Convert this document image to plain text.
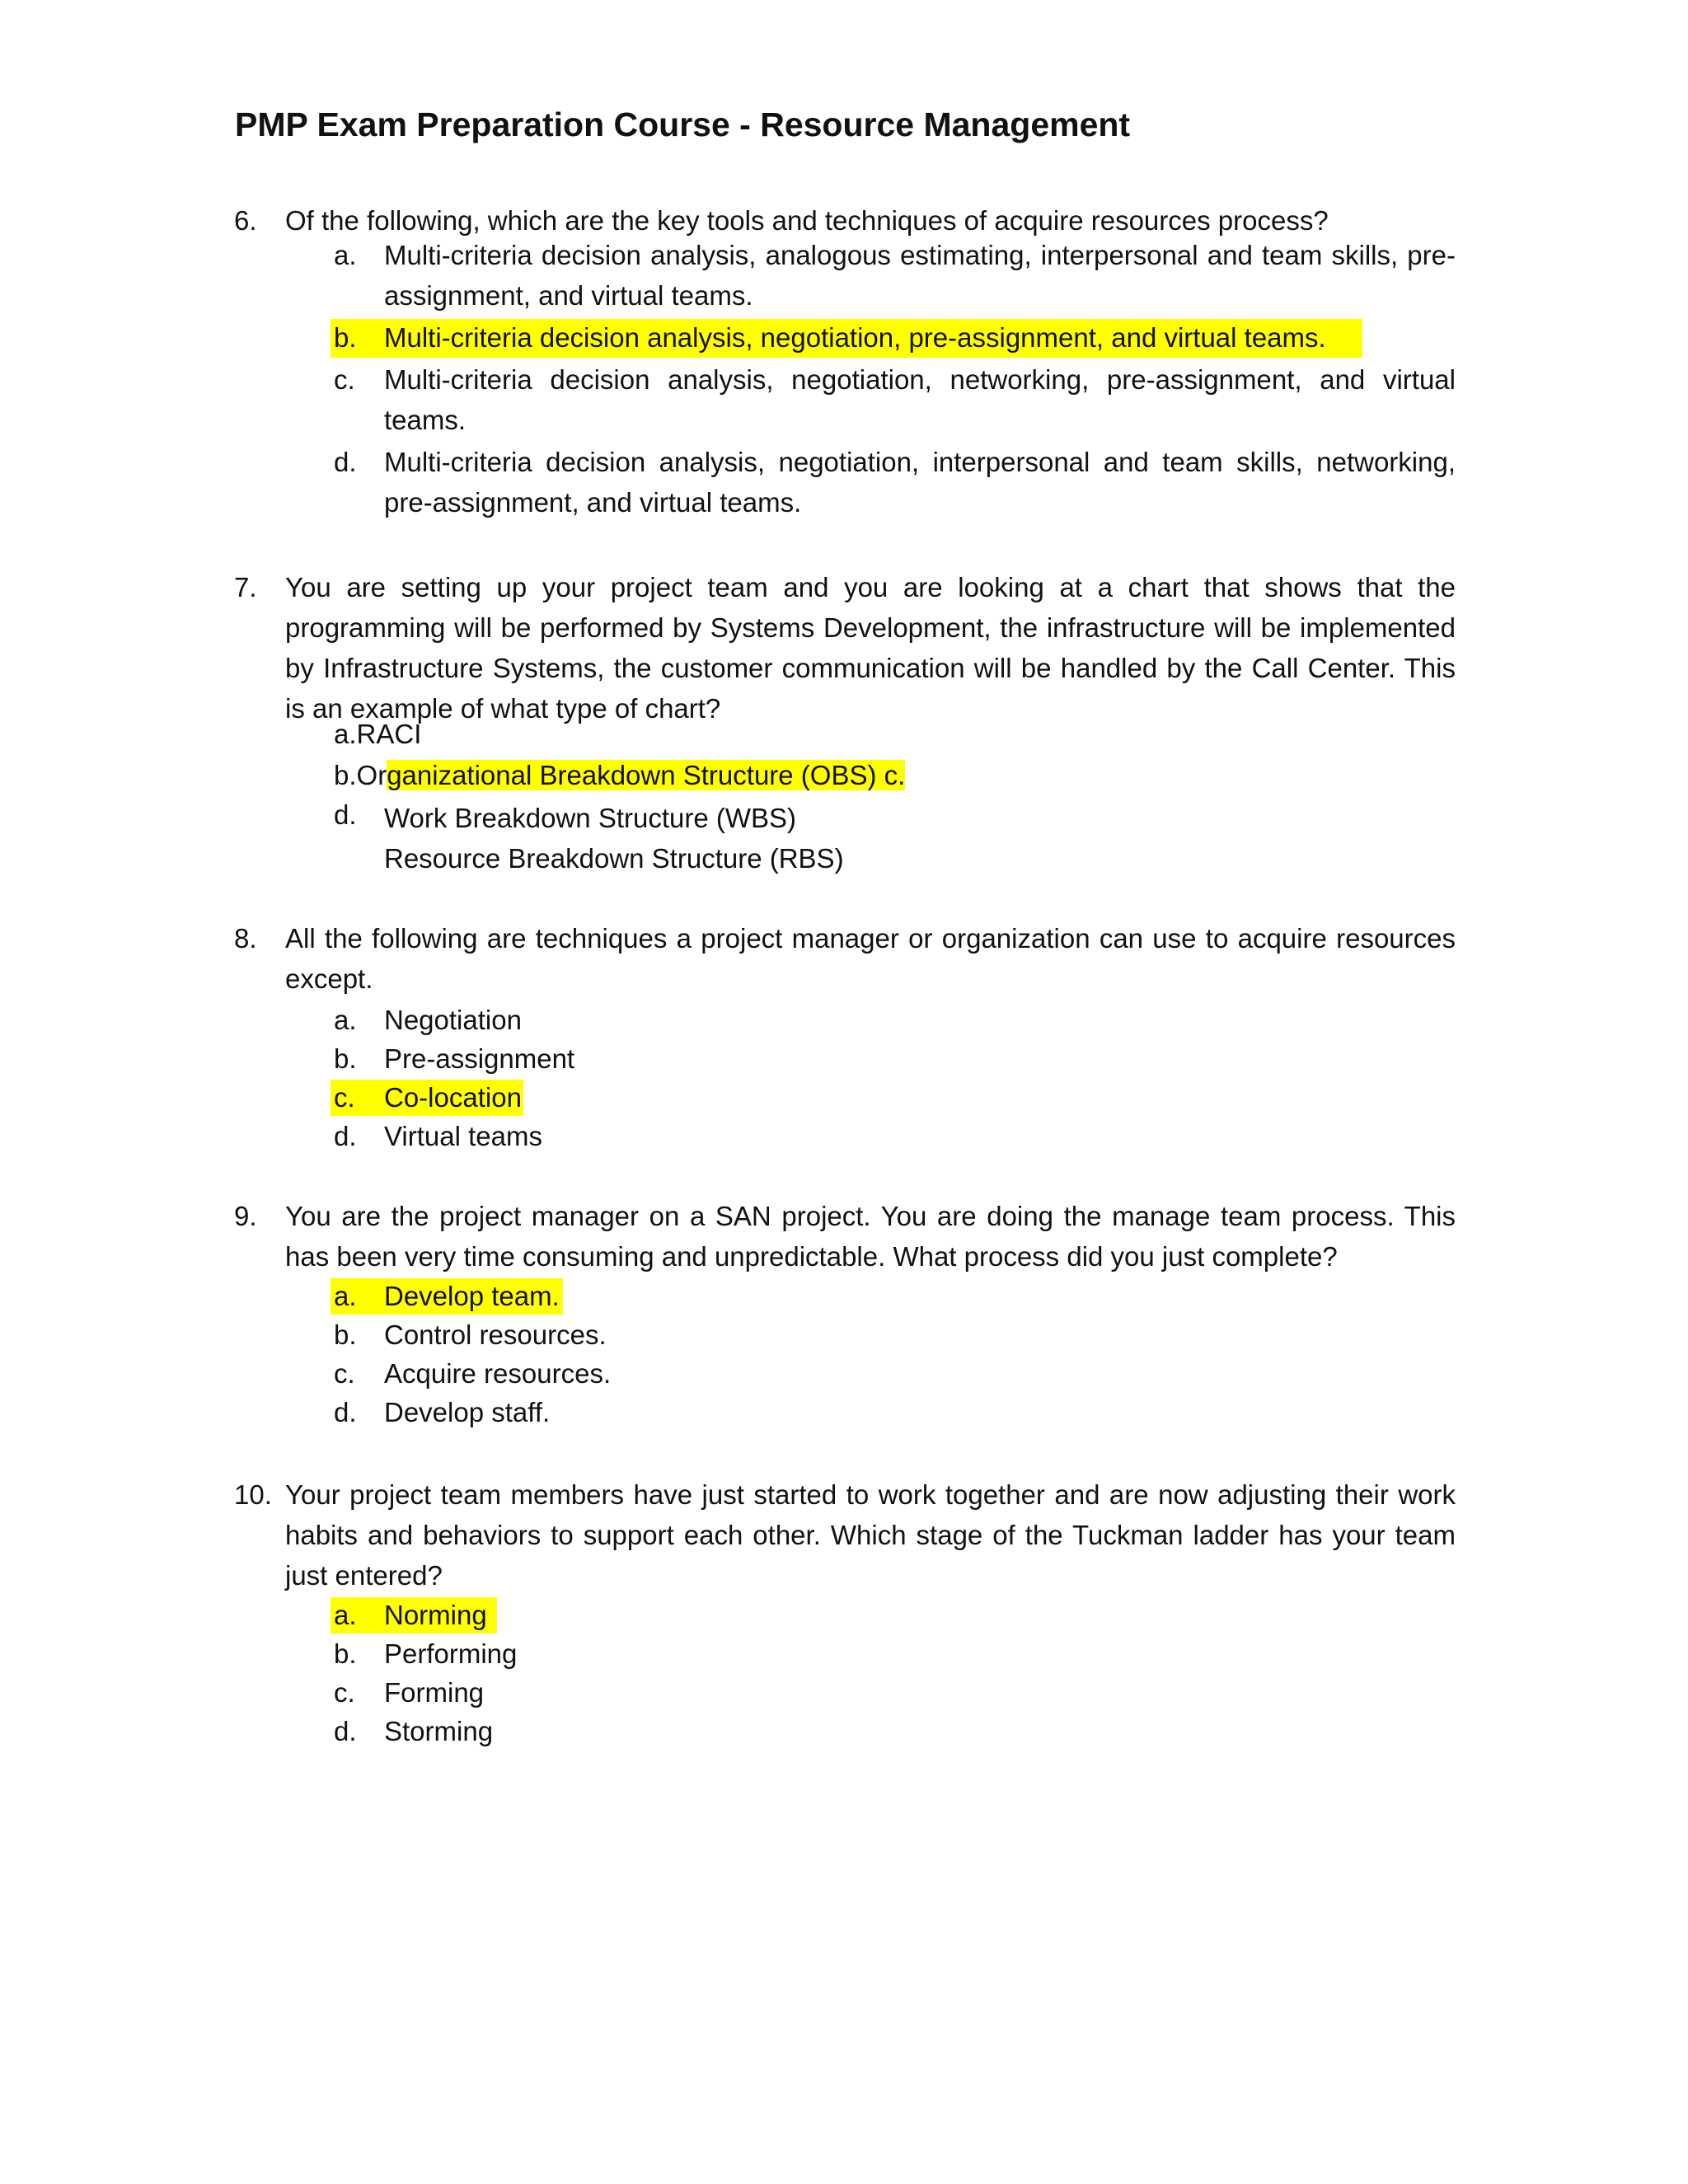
PMP Exam Preparation Course - Resource Management
6. Of the following, which are the key tools and techniques of acquire resources process?
a. Multi-criteria decision analysis, analogous estimating, interpersonal and team skills, pre-assignment, and virtual teams.
b. Multi-criteria decision analysis, negotiation, pre-assignment, and virtual teams.
c. Multi-criteria decision analysis, negotiation, networking, pre-assignment, and virtual teams.
d. Multi-criteria decision analysis, negotiation, interpersonal and team skills, networking, pre-assignment, and virtual teams.
7. You are setting up your project team and you are looking at a chart that shows that the programming will be performed by Systems Development, the infrastructure will be implemented by Infrastructure Systems, the customer communication will be handled by the Call Center. This is an example of what type of chart?
a.RACI
b.Organizational Breakdown Structure (OBS) c.
d. Work Breakdown Structure (WBS)
Resource Breakdown Structure (RBS)
8. All the following are techniques a project manager or organization can use to acquire resources except.
a. Negotiation
b. Pre-assignment
c. Co-location
d. Virtual teams
9. You are the project manager on a SAN project. You are doing the manage team process. This has been very time consuming and unpredictable. What process did you just complete?
a. Develop team.
b. Control resources.
c. Acquire resources.
d. Develop staff.
10. Your project team members have just started to work together and are now adjusting their work habits and behaviors to support each other. Which stage of the Tuckman ladder has your team just entered?
a. Norming
b. Performing
c. Forming
d. Storming
